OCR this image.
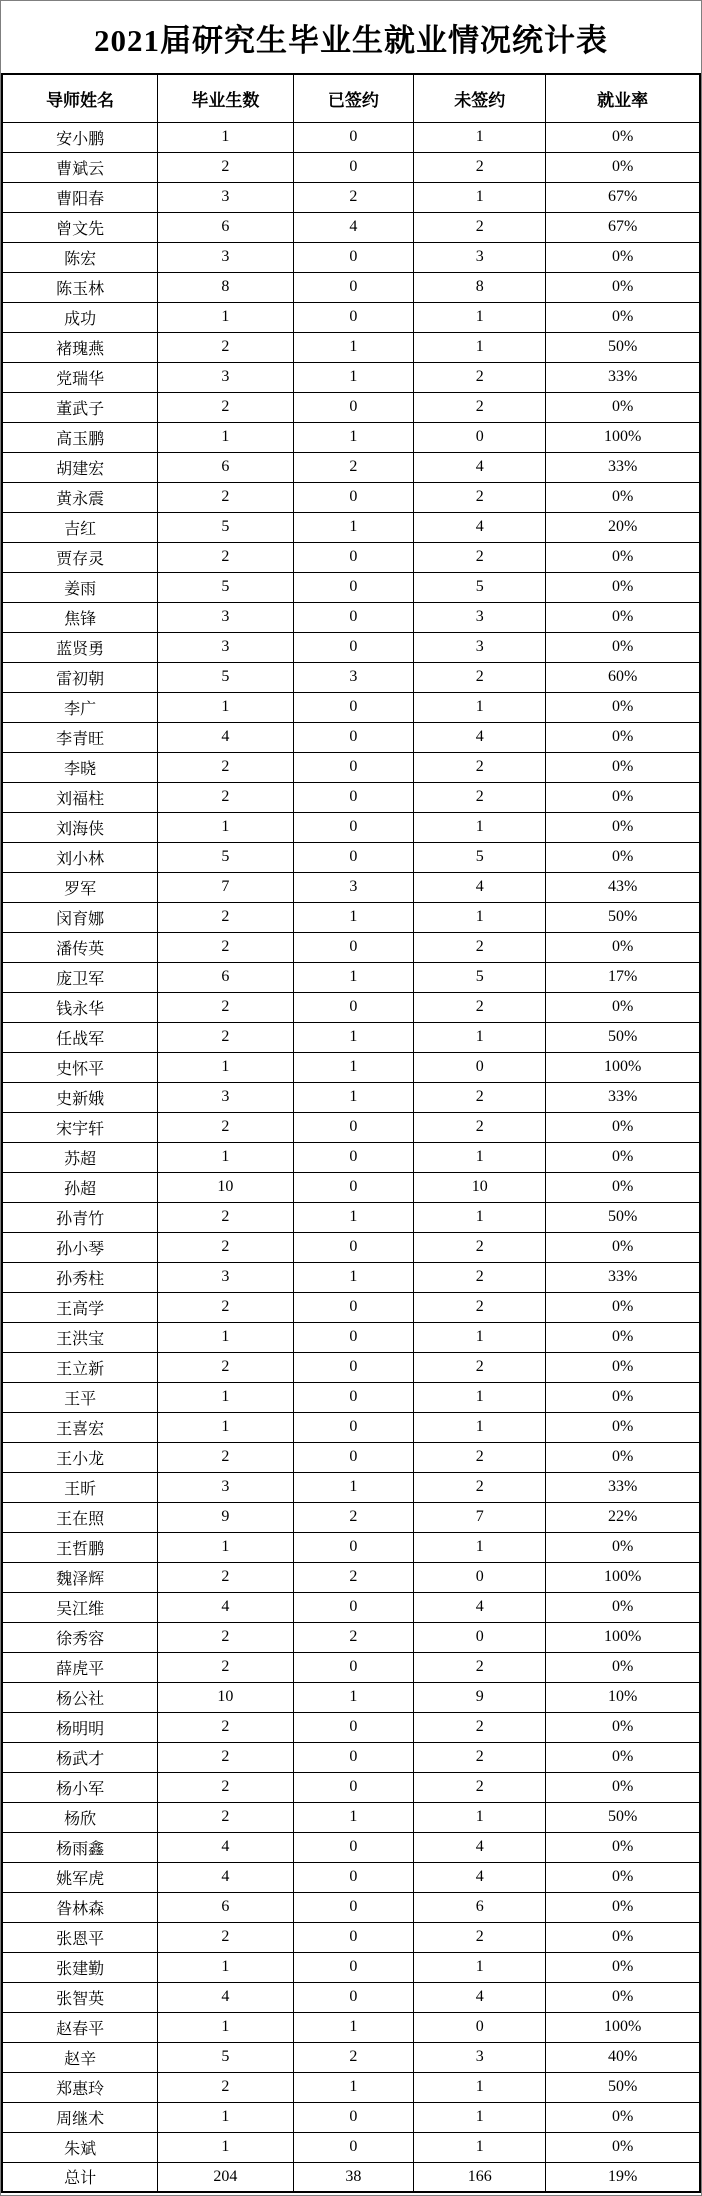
2021届研究生毕业生就业情况统计表
导师姓名	毕业生数	已签约	未签约	就业率
安小鹏	1	0	1	0%
曹斌云	2	0	2	0%
曹阳春	3	2	1	67%
曾文先	6	4	2	67%
陈宏	3	0	3	0%
陈玉林	8	0	8	0%
成功	1	0	1	0%
褚瑰燕	2	1	1	50%
党瑞华	3	1	2	33%
董武子	2	0	2	0%
高玉鹏	1	1	0	100%
胡建宏	6	2	4	33%
黄永震	2	0	2	0%
吉红	5	1	4	20%
贾存灵	2	0	2	0%
姜雨	5	0	5	0%
焦锋	3	0	3	0%
蓝贤勇	3	0	3	0%
雷初朝	5	3	2	60%
李广	1	0	1	0%
李青旺	4	0	4	0%
李晓	2	0	2	0%
刘福柱	2	0	2	0%
刘海侠	1	0	1	0%
刘小林	5	0	5	0%
罗军	7	3	4	43%
闵育娜	2	1	1	50%
潘传英	2	0	2	0%
庞卫军	6	1	5	17%
钱永华	2	0	2	0%
任战军	2	1	1	50%
史怀平	1	1	0	100%
史新娥	3	1	2	33%
宋宇轩	2	0	2	0%
苏超	1	0	1	0%
孙超	10	0	10	0%
孙青竹	2	1	1	50%
孙小琴	2	0	2	0%
孙秀柱	3	1	2	33%
王高学	2	0	2	0%
王洪宝	1	0	1	0%
王立新	2	0	2	0%
王平	1	0	1	0%
王喜宏	1	0	1	0%
王小龙	2	0	2	0%
王昕	3	1	2	33%
王在照	9	2	7	22%
王哲鹏	1	0	1	0%
魏泽辉	2	2	0	100%
吴江维	4	0	4	0%
徐秀容	2	2	0	100%
薛虎平	2	0	2	0%
杨公社	10	1	9	10%
杨明明	2	0	2	0%
杨武才	2	0	2	0%
杨小军	2	0	2	0%
杨欣	2	1	1	50%
杨雨鑫	4	0	4	0%
姚军虎	4	0	4	0%
昝林森	6	0	6	0%
张恩平	2	0	2	0%
张建勤	1	0	1	0%
张智英	4	0	4	0%
赵春平	1	1	0	100%
赵辛	5	2	3	40%
郑惠玲	2	1	1	50%
周继术	1	0	1	0%
朱斌	1	0	1	0%
总计	204	38	166	19%
